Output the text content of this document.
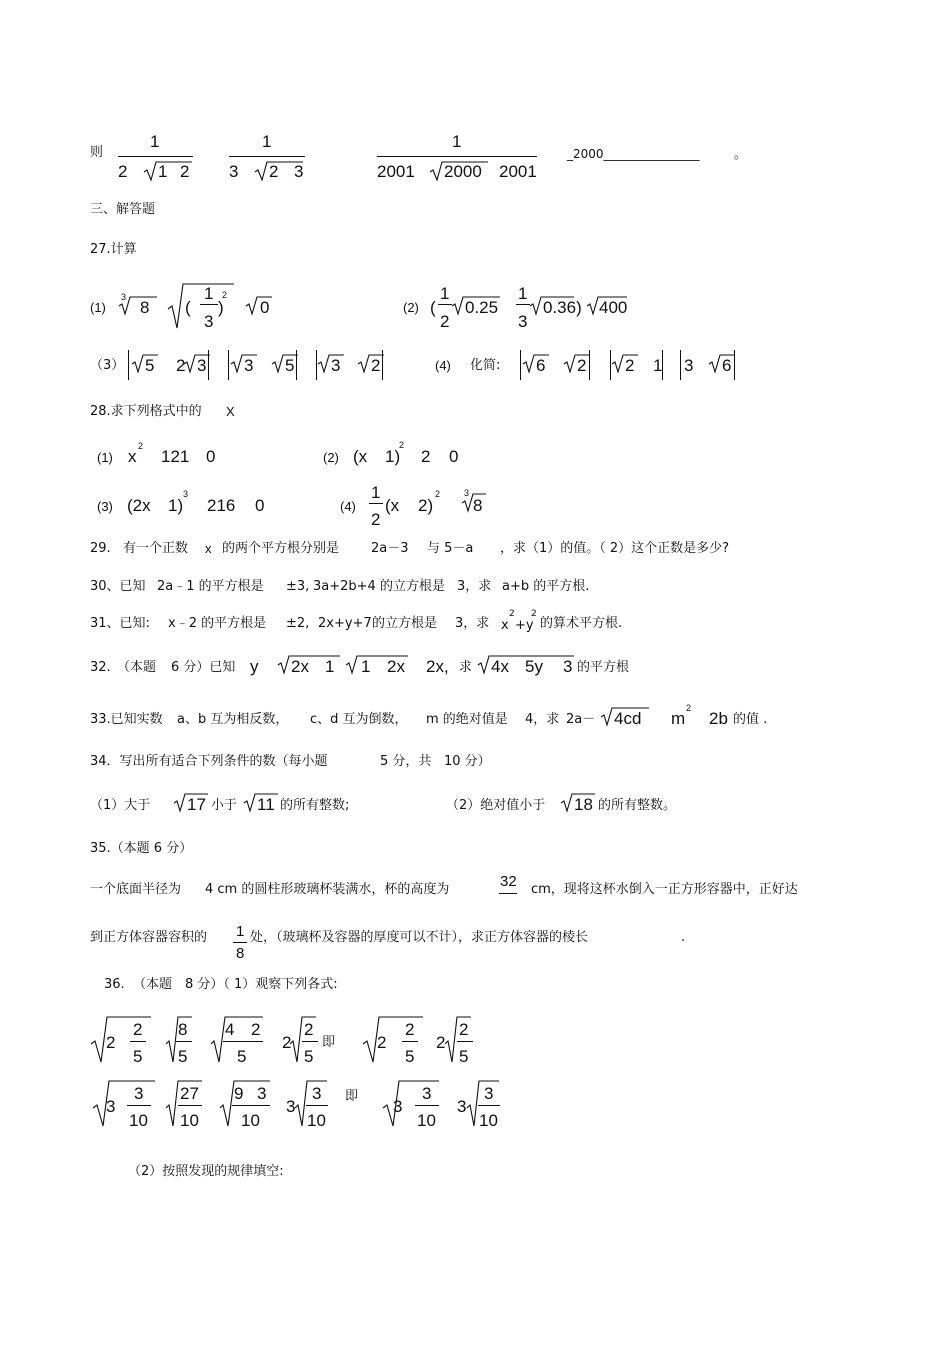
则
1
2 1 2
1
3 2 3
1
2001 2000 2001
_2000________________	。
三、解答题
27.计算
(1)
3
8 (
1
3
)
2
0	(2) (
1
2
0.25
1
3
0.36) 400
（3） 5 2 3 3 5 3 2	(4) 化简: 6 2 2 1 3 6
28.求下列格式中的 X
(1) x
2
121 0	(2) (x 1)
2
2 0
(3) (2x 1)
3
216 0	(4)
1
2
(x 2)
2	3
8
29. 有一个正数 x 的两个平方根分别是 2a－3 与 5－a ，求（1）的值。（ 2）这个正数是多少?
30、已知 2a﹣1 的平方根是 ±3, 3a+2b+4 的立方根是 3，求 a+b 的平方根.
31、已知: x﹣2 的平方根是 ±2, 2x+y+7 的立方根是 3，求 x
2
+y
2
的算术平方根.
32. （本题 6 分）已知 y 2x 1 1 2x 2x, 求 4x 5y 3 的平方根
33.已知实数 a、b 互为相反数， c、d 互为倒数， m 的绝对值是 4，求 2a－ 4cd m
2
2b 的值 .
34．写出所有适合下列条件的数（每小题	5 分，共 10 分）
（1）大于 17 小于 11 的所有整数;	（2）绝对值小于 18 的所有整数。
35.（本题 6 分）
一个底面半径为 4 cm 的圆柱形玻璃杯装满水，杯的高度为	32 cm，现将这杯水倒入一正方形容器中，正好达
到正方体容器容积的 1
8
处，（玻璃杯及容器的厚度可以不计），求正方体容器的棱长	.
36. （本题 8 分）（ 1）观察下列各式:
2
2
5
8
5
4 2
5
2
2
5
即 2
2
5
2
2
5
3
3
10
27
10
9 3
10
3
3
10
即
3
3
10
3
3
10
（2）按照发现的规律填空:
